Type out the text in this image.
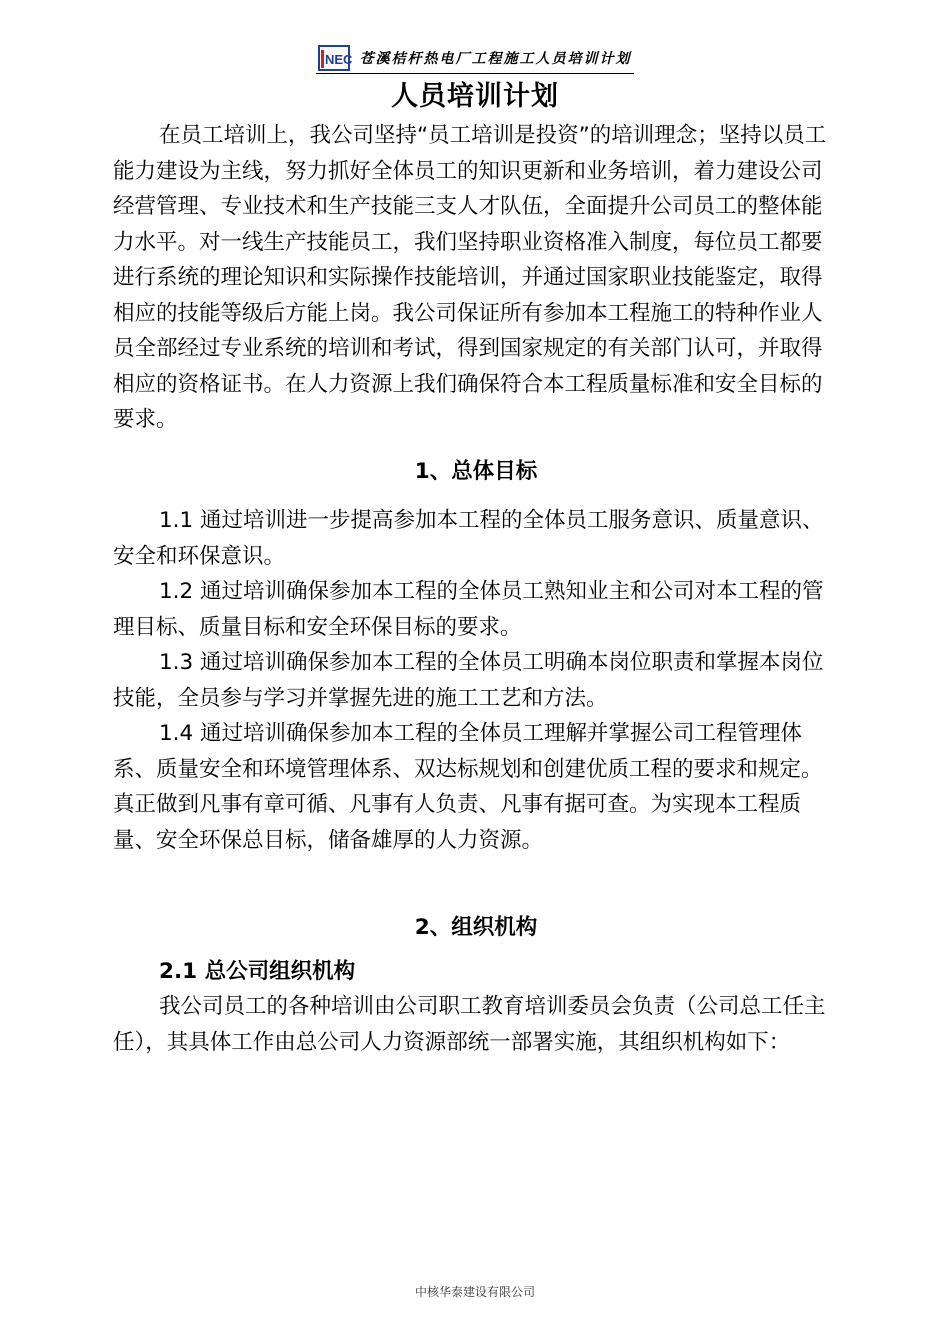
NEC 苍溪桔杆热电厂工程施工人员培训计划
人员培训计划

在员工培训上，我公司坚持“员工培训是投资”的培训理念；坚持以员工能力建设为主线，努力抓好全体员工的知识更新和业务培训，着力建设公司经营管理、专业技术和生产技能三支人才队伍，全面提升公司员工的整体能力水平。对一线生产技能员工，我们坚持职业资格准入制度，每位员工都要进行系统的理论知识和实际操作技能培训，并通过国家职业技能鉴定，取得相应的技能等级后方能上岗。我公司保证所有参加本工程施工的特种作业人员全部经过专业系统的培训和考试，得到国家规定的有关部门认可，并取得相应的资格证书。在人力资源上我们确保符合本工程质量标准和安全目标的要求。

1、总体目标

1.1 通过培训进一步提高参加本工程的全体员工服务意识、质量意识、安全和环保意识。

1.2 通过培训确保参加本工程的全体员工熟知业主和公司对本工程的管理目标、质量目标和安全环保目标的要求。

1.3 通过培训确保参加本工程的全体员工明确本岗位职责和掌握本岗位技能，全员参与学习并掌握先进的施工工艺和方法。

1.4 通过培训确保参加本工程的全体员工理解并掌握公司工程管理体系、质量安全和环境管理体系、双达标规划和创建优质工程的要求和规定。真正做到凡事有章可循、凡事有人负责、凡事有据可查。为实现本工程质量、安全环保总目标，储备雄厚的人力资源。

2、组织机构

2.1 总公司组织机构

我公司员工的各种培训由公司职工教育培训委员会负责（公司总工任主任），其具体工作由总公司人力资源部统一部署实施，其组织机构如下：

中核华泰建设有限公司
